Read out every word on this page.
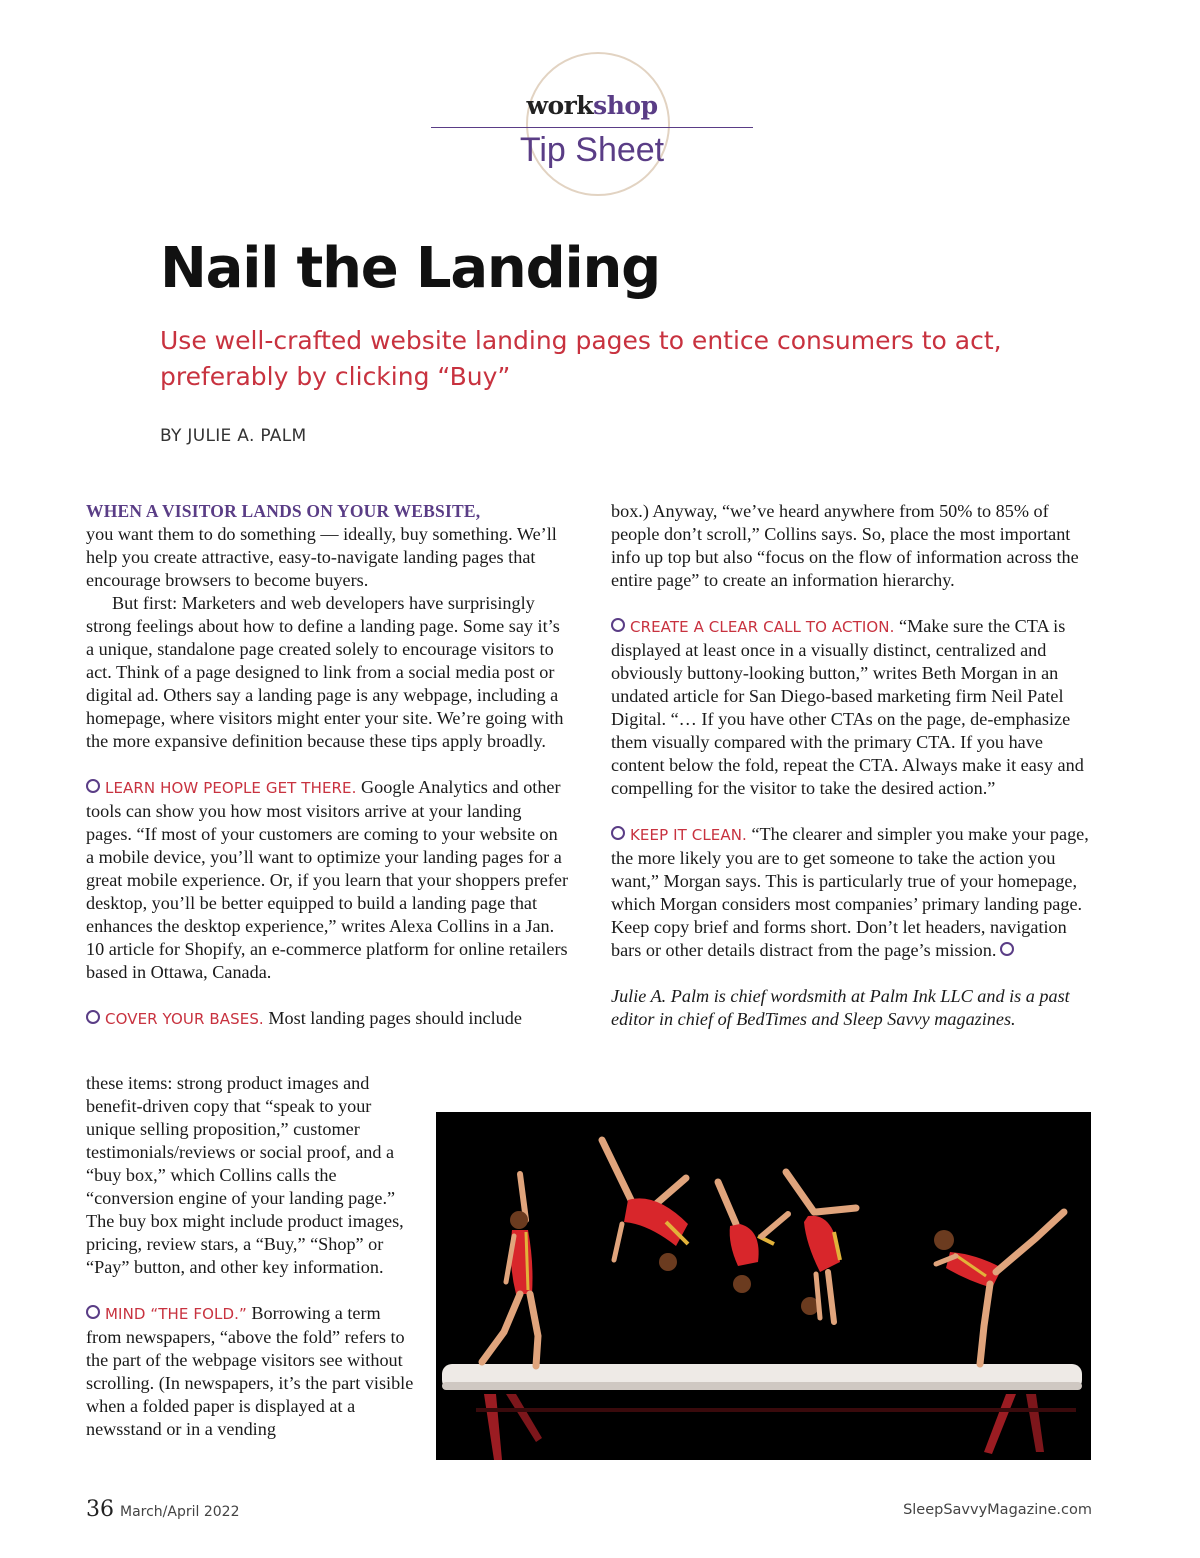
workshop
Tip Sheet
Nail the Landing

Use well-crafted website landing pages to entice consumers to act,
preferably by clicking “Buy”

BY JULIE A. PALM

WHEN A VISITOR LANDS ON YOUR WEBSITE,
you want them to do something — ideally, buy something. We’ll help you create attractive, easy-to-navigate landing pages that encourage browsers to become buyers.

But first: Marketers and web developers have surprisingly strong feelings about how to define a landing page. Some say it’s a unique, standalone page created solely to encourage visitors to act. Think of a page designed to link from a social media post or digital ad. Others say a landing page is any webpage, including a homepage, where visitors might enter your site. We’re going with the more expansive definition because these tips apply broadly.

LEARN HOW PEOPLE GET THERE. Google Analytics and other tools can show you how most visitors arrive at your landing pages. “If most of your customers are coming to your website on a mobile device, you’ll want to optimize your landing pages for a great mobile experience. Or, if you learn that your shoppers prefer desktop, you’ll be better equipped to build a landing page that enhances the desktop experience,” writes Alexa Collins in a Jan. 10 article for Shopify, an e-commerce platform for online retailers based in Ottawa, Canada.

COVER YOUR BASES. Most landing pages should include

these items: strong product images and benefit-driven copy that “speak to your unique selling proposition,” customer testimonials/reviews or social proof, and a “buy box,” which Collins calls the “conversion engine of your landing page.” The buy box might include product images, pricing, review stars, a “Buy,” “Shop” or “Pay” button, and other key information.

MIND “THE FOLD.” Borrowing a term from newspapers, “above the fold” refers to the part of the webpage visitors see without scrolling. (In newspapers, it’s the part visible when a folded paper is displayed at a newsstand or in a vending

box.) Anyway, “we’ve heard anywhere from 50% to 85% of people don’t scroll,” Collins says. So, place the most important info up top but also “focus on the flow of information across the entire page” to create an information hierarchy.

CREATE A CLEAR CALL TO ACTION. “Make sure the CTA is displayed at least once in a visually distinct, centralized and obviously buttony-looking button,” writes Beth Morgan in an undated article for San Diego-based marketing firm Neil Patel Digital. “… If you have other CTAs on the page, de-emphasize them visually compared with the primary CTA. If you have content below the fold, repeat the CTA. Always make it easy and compelling for the visitor to take the desired action.”

KEEP IT CLEAN. “The clearer and simpler you make your page, the more likely you are to get someone to take the action you want,” Morgan says. This is particularly true of your homepage, which Morgan considers most companies’ primary landing page. Keep copy brief and forms short. Don’t let headers, navigation bars or other details distract from the page’s mission.

Julie A. Palm is chief wordsmith at Palm Ink LLC and is a past editor in chief of BedTimes and Sleep Savvy magazines.

36 March/April 2022	SleepSavvyMagazine.com
